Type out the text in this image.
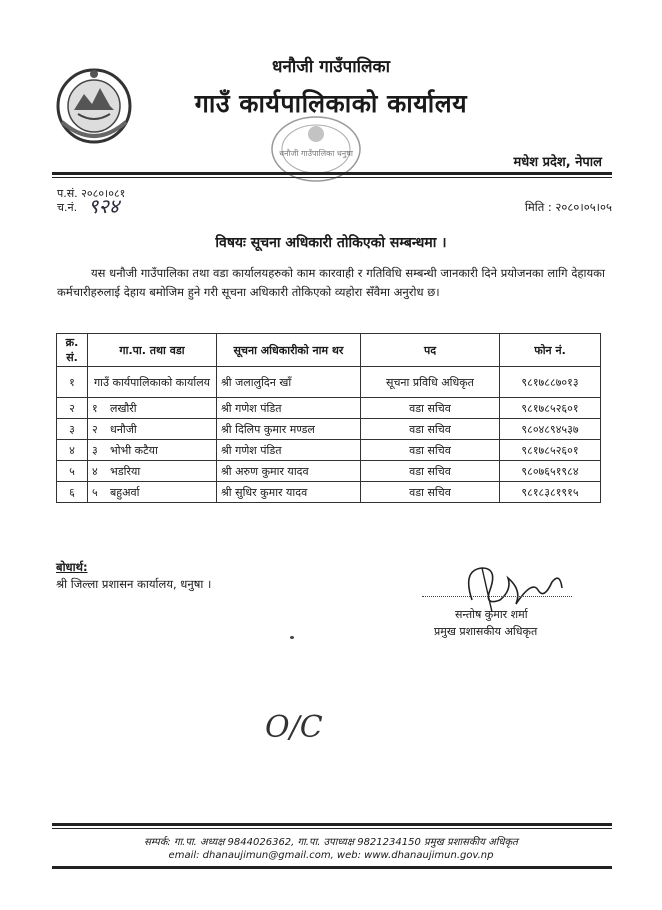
धनौजी गाउँपालिका
गाउँ कार्यपालिकाको कार्यालय
धनौजी गाउँपालिका धनुषा
मधेश प्रदेश, नेपाल
प.सं. २०८०।०८१
च.नं. ९२४	मिति : २०८०।०५।०५
विषयः सूचना अधिकारी तोकिएको सम्बन्धमा ।
यस धनौजी गाउँपालिका तथा वडा कार्यालयहरुको काम कारवाही र गतिविधि सम्बन्धी जानकारी दिने प्रयोजनका लागि देहायका कर्मचारीहरुलाई देहाय बमोजिम हुने गरी सूचना अधिकारी तोकिएको व्यहोरा सँवैमा अनुरोध छ।
क्र. सं.	गा.पा. तथा वडा	सूचना अधिकारीको नाम थर	पद	फोन नं.
१	गाउँ कार्यपालिकाको कार्यालय	श्री जलालुदिन खाँ	सूचना प्रविधि अधिकृत	९८१७८८७०१३
२	१ लखौरी	श्री गणेश पंडित	वडा सचिव	९८१७८५२६०१
३	२ धनौजी	श्री दिलिप कुमार मण्डल	वडा सचिव	९८०४८९४५३७
४	३ भोभी कटैया	श्री गणेश पंडित	वडा सचिव	९८१७८५२६०१
५	४ भडरिया	श्री अरुण कुमार यादव	वडा सचिव	९८०७६५१९८४
६	५ बहुअर्वा	श्री सुधिर कुमार यादव	वडा सचिव	९८१८३८१९१५
बोधार्थ:
श्री जिल्ला प्रशासन कार्यालय, धनुषा ।
सन्तोष कुमार शर्मा
प्रमुख प्रशासकीय अधिकृत
O/C
सम्पर्क: गा.पा. अध्यक्ष 9844026362, गा.पा. उपाध्यक्ष 9821234150 प्रमुख प्रशासकीय अधिकृत
email: dhanaujimun@gmail.com, web: www.dhanaujimun.gov.np
